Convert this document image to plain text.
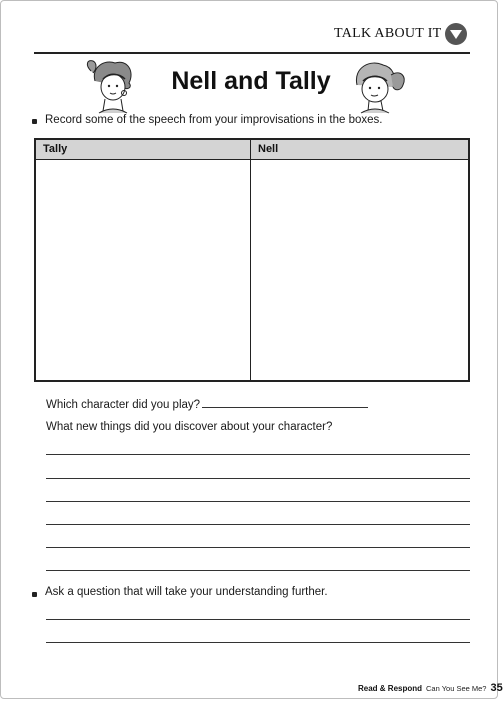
TALK ABOUT IT
Nell and Tally
Record some of the speech from your improvisations in the boxes.
Tally	Nell
Which character did you play?
What new things did you discover about your character?
Ask a question that will take your understanding further.
Read & Respond Can You See Me? 35
